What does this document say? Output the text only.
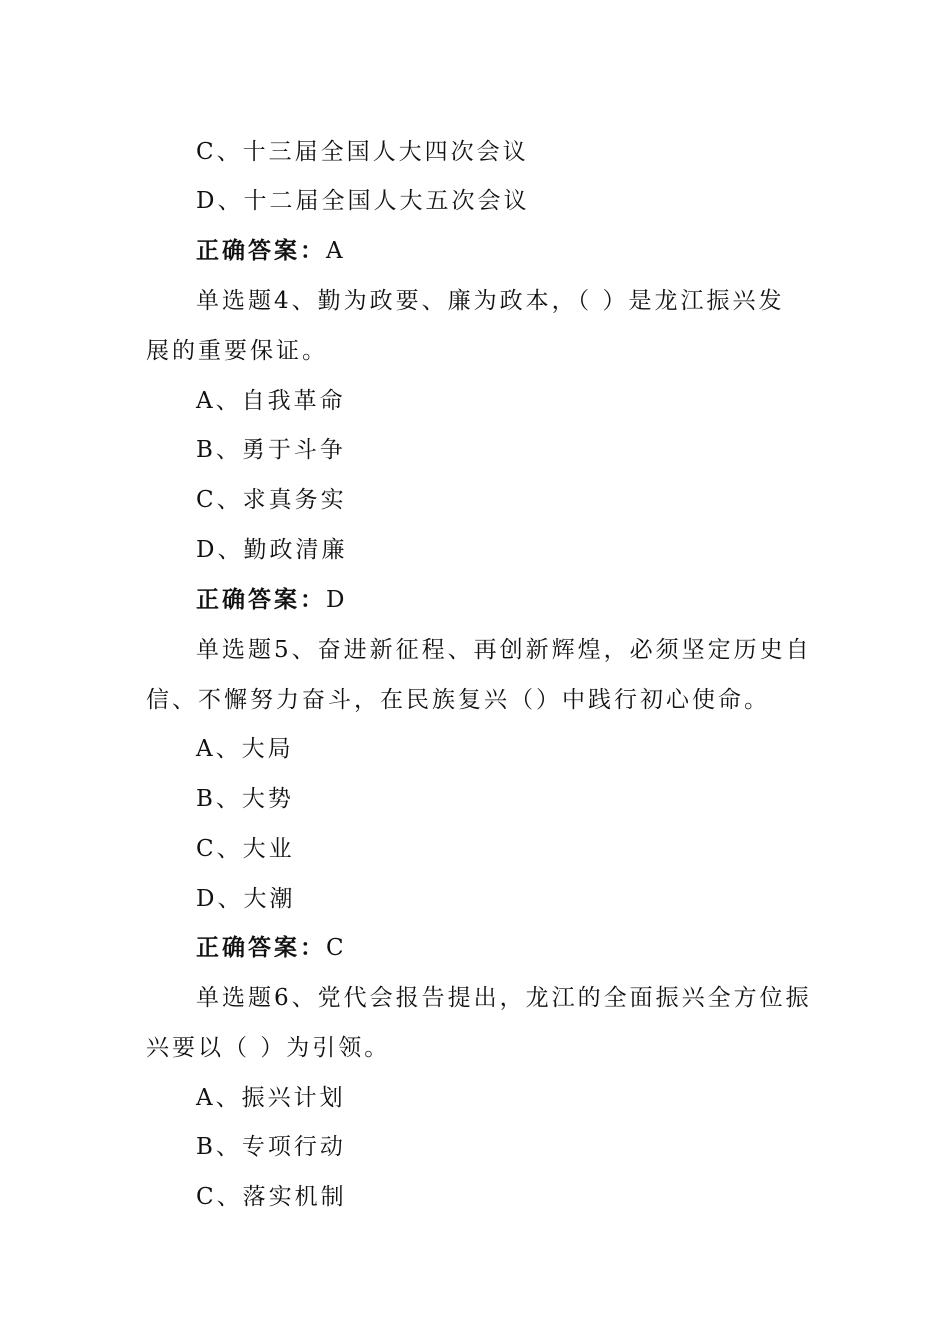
C、十三届全国人大四次会议
D、十二届全国人大五次会议
正确答案：A
单选题4、勤为政要、廉为政本，（ ）是龙江振兴发
展的重要保证。
A、自我革命
B、勇于斗争
C、求真务实
D、勤政清廉
正确答案：D
单选题5、奋进新征程、再创新辉煌，必须坚定历史自
信、不懈努力奋斗，在民族复兴（）中践行初心使命。
A、大局
B、大势
C、大业
D、大潮
正确答案：C
单选题6、党代会报告提出，龙江的全面振兴全方位振
兴要以（ ）为引领。
A、振兴计划
B、专项行动
C、落实机制
